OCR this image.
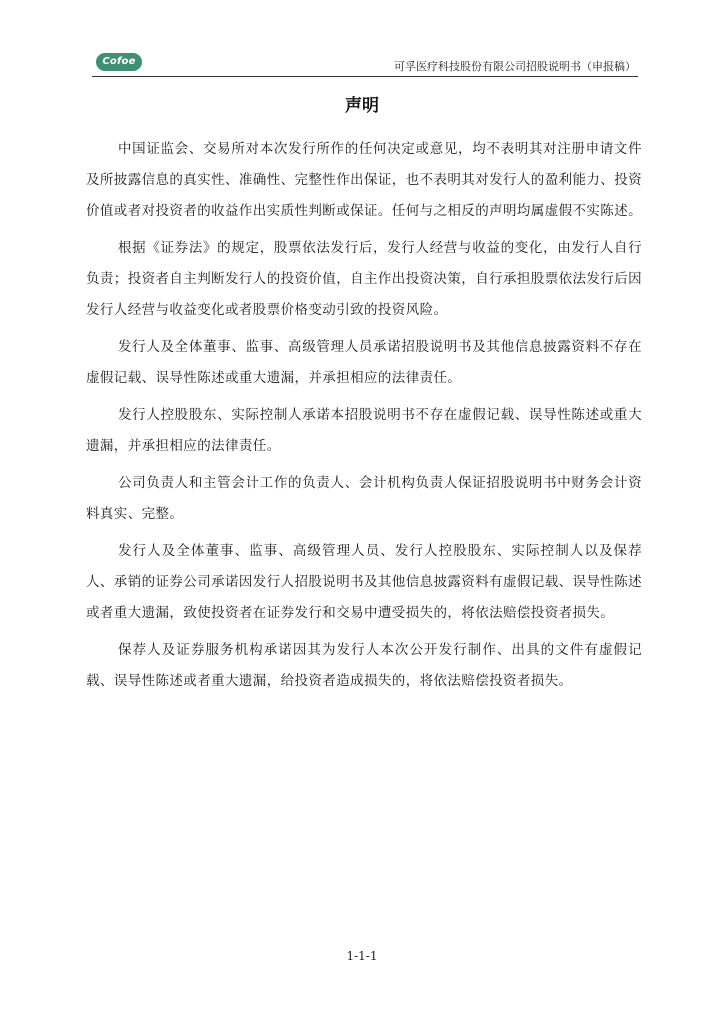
Cofoe	可孚医疗科技股份有限公司招股说明书（申报稿）
声明

中国证监会、交易所对本次发行所作的任何决定或意见，均不表明其对注册申请文件及所披露信息的真实性、准确性、完整性作出保证，也不表明其对发行人的盈利能力、投资价值或者对投资者的收益作出实质性判断或保证。任何与之相反的声明均属虚假不实陈述。

根据《证券法》的规定，股票依法发行后，发行人经营与收益的变化，由发行人自行负责；投资者自主判断发行人的投资价值，自主作出投资决策，自行承担股票依法发行后因发行人经营与收益变化或者股票价格变动引致的投资风险。

发行人及全体董事、监事、高级管理人员承诺招股说明书及其他信息披露资料不存在虚假记载、误导性陈述或重大遗漏，并承担相应的法律责任。

发行人控股股东、实际控制人承诺本招股说明书不存在虚假记载、误导性陈述或重大遗漏，并承担相应的法律责任。

公司负责人和主管会计工作的负责人、会计机构负责人保证招股说明书中财务会计资料真实、完整。

发行人及全体董事、监事、高级管理人员、发行人控股股东、实际控制人以及保荐人、承销的证券公司承诺因发行人招股说明书及其他信息披露资料有虚假记载、误导性陈述或者重大遗漏，致使投资者在证券发行和交易中遭受损失的，将依法赔偿投资者损失。

保荐人及证券服务机构承诺因其为发行人本次公开发行制作、出具的文件有虚假记载、误导性陈述或者重大遗漏，给投资者造成损失的，将依法赔偿投资者损失。

1-1-1
